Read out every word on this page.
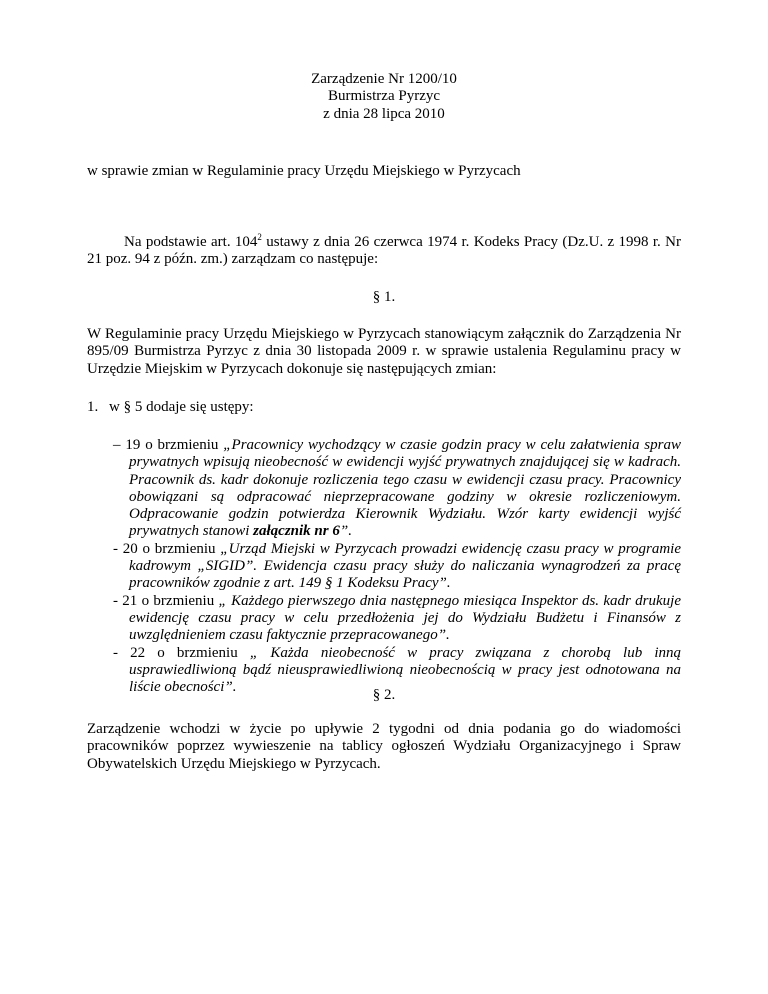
Zarządzenie Nr 1200/10
Burmistrza Pyrzyc
z dnia 28 lipca 2010
w sprawie zmian w Regulaminie pracy Urzędu Miejskiego w Pyrzycach
Na podstawie art. $104^2$ ustawy z dnia 26 czerwca 1974 r. Kodeks Pracy (Dz.U. z 1998 r. Nr 21 poz. 94 z późn. zm.) zarządzam co następuje:
§ 1.
W Regulaminie pracy Urzędu Miejskiego w Pyrzycach stanowiącym załącznik do Zarządzenia Nr 895/09 Burmistrza Pyrzyc z dnia 30 listopada 2009 r. w sprawie ustalenia Regulaminu pracy w Urzędzie Miejskim w Pyrzycach dokonuje się następujących zmian:
1. w § 5 dodaje się ustępy:

– 19 o brzmieniu „Pracownicy wychodzący w czasie godzin pracy w celu załatwienia spraw prywatnych wpisują nieobecność w ewidencji wyjść prywatnych znajdującej się w kadrach. Pracownik ds. kadr dokonuje rozliczenia tego czasu w ewidencji czasu pracy. Pracownicy obowiązani są odpracować nieprzepracowane godziny w okresie rozliczeniowym. Odpracowanie godzin potwierdza Kierownik Wydziału. Wzór karty ewidencji wyjść prywatnych stanowi załącznik nr 6”.

- 20 o brzmieniu „Urząd Miejski w Pyrzycach prowadzi ewidencję czasu pracy w programie kadrowym „SIGID”. Ewidencja czasu pracy służy do naliczania wynagrodzeń za pracę pracowników zgodnie z art. 149 § 1 Kodeksu Pracy”.

- 21 o brzmieniu „ Każdego pierwszego dnia następnego miesiąca Inspektor ds. kadr drukuje ewidencję czasu pracy w celu przedłożenia jej do Wydziału Budżetu i Finansów z uwzględnieniem czasu faktycznie przepracowanego”.

- 22 o brzmieniu „ Każda nieobecność w pracy związana z chorobą lub inną usprawiedliwioną bądź nieusprawiedliwioną nieobecnością w pracy jest odnotowana na liście obecności”.	§ 2.
Zarządzenie wchodzi w życie po upływie 2 tygodni od dnia podania go do wiadomości pracowników poprzez wywieszenie na tablicy ogłoszeń Wydziału Organizacyjnego i Spraw Obywatelskich Urzędu Miejskiego w Pyrzycach.
